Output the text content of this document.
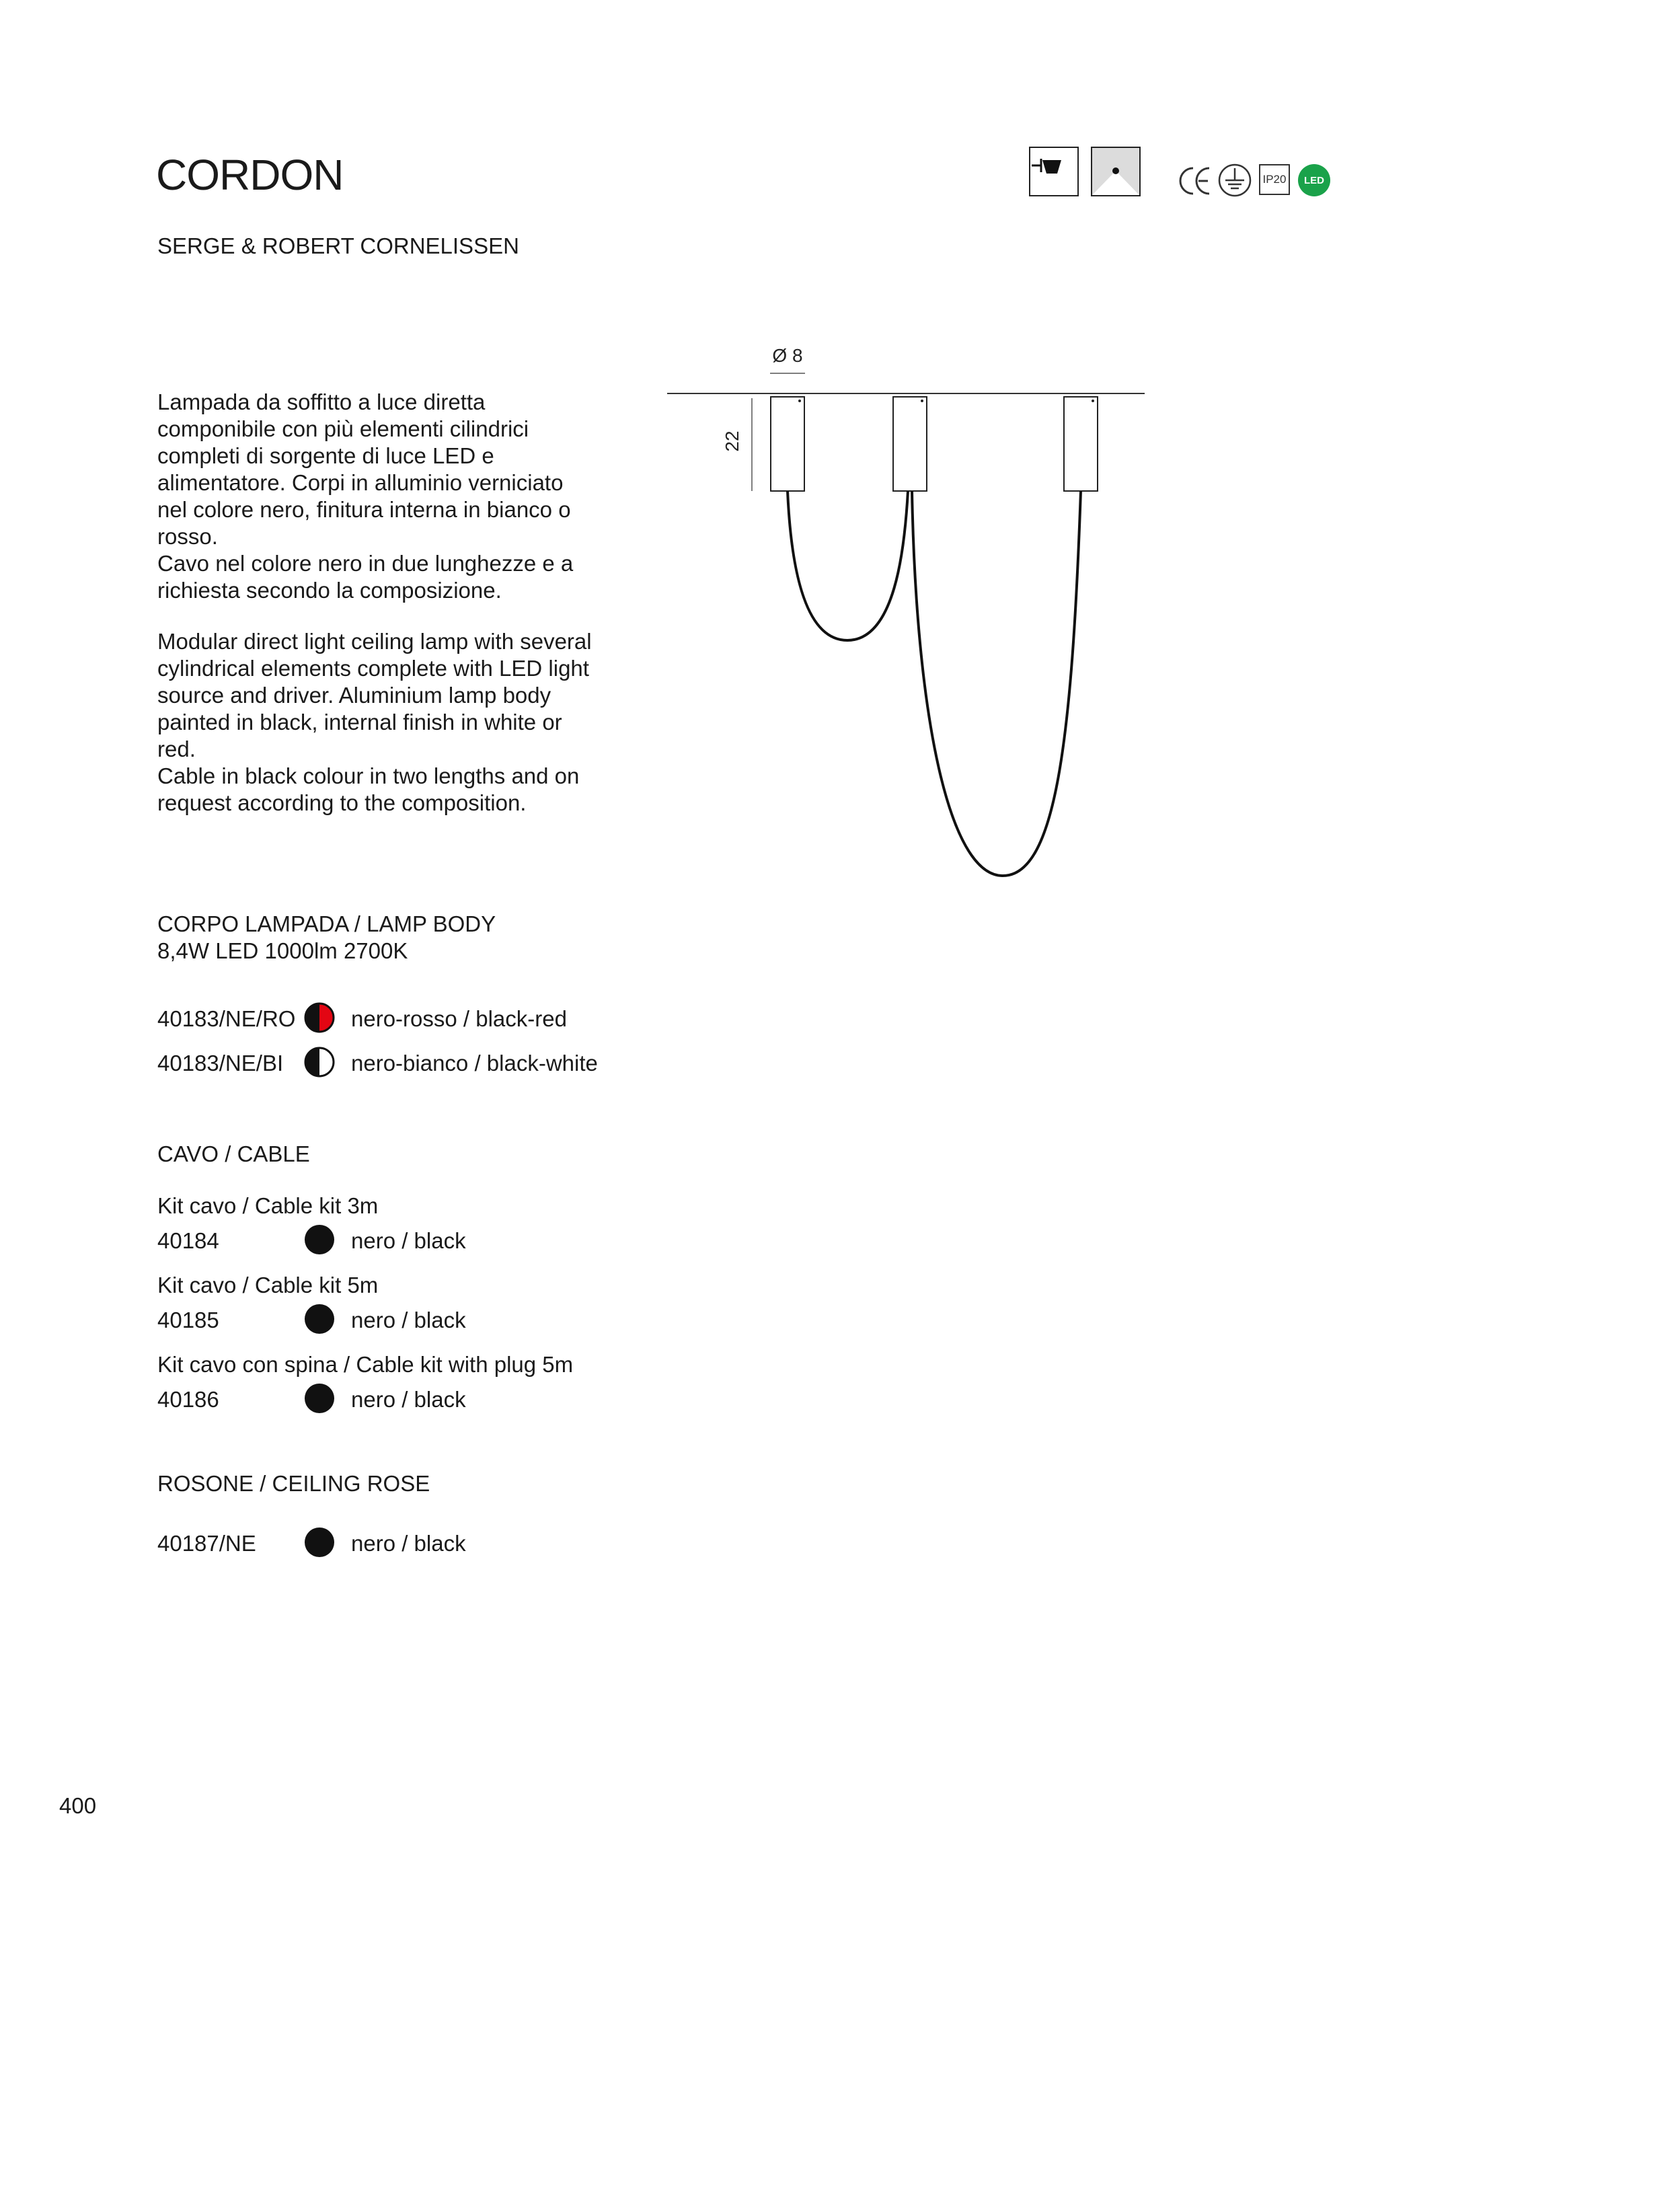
CORDON
SERGE & ROBERT CORNELISSEN
IP20	LED
Lampada da soffitto a luce diretta
componibile con più elementi cilindrici
completi di sorgente di luce LED e
alimentatore. Corpi in alluminio verniciato
nel colore nero, finitura interna in bianco o
rosso.
Cavo nel colore nero in due lunghezze e a
richiesta secondo la composizione.
Modular direct light ceiling lamp with several
cylindrical elements complete with LED light
source and driver. Aluminium lamp body
painted in black, internal finish in white or
red.
Cable in black colour in two lengths and on
request according to the composition.
Ø 8
22
CORPO LAMPADA / LAMP BODY
8,4W LED 1000lm 2700K
40183/NE/RO	nero-rosso / black-red
40183/NE/BI	nero-bianco / black-white
CAVO / CABLE
Kit cavo / Cable kit 3m
40184	nero / black
Kit cavo / Cable kit 5m
40185	nero / black
Kit cavo con spina / Cable kit with plug 5m
40186	nero / black
ROSONE / CEILING ROSE
40187/NE	nero / black
400
